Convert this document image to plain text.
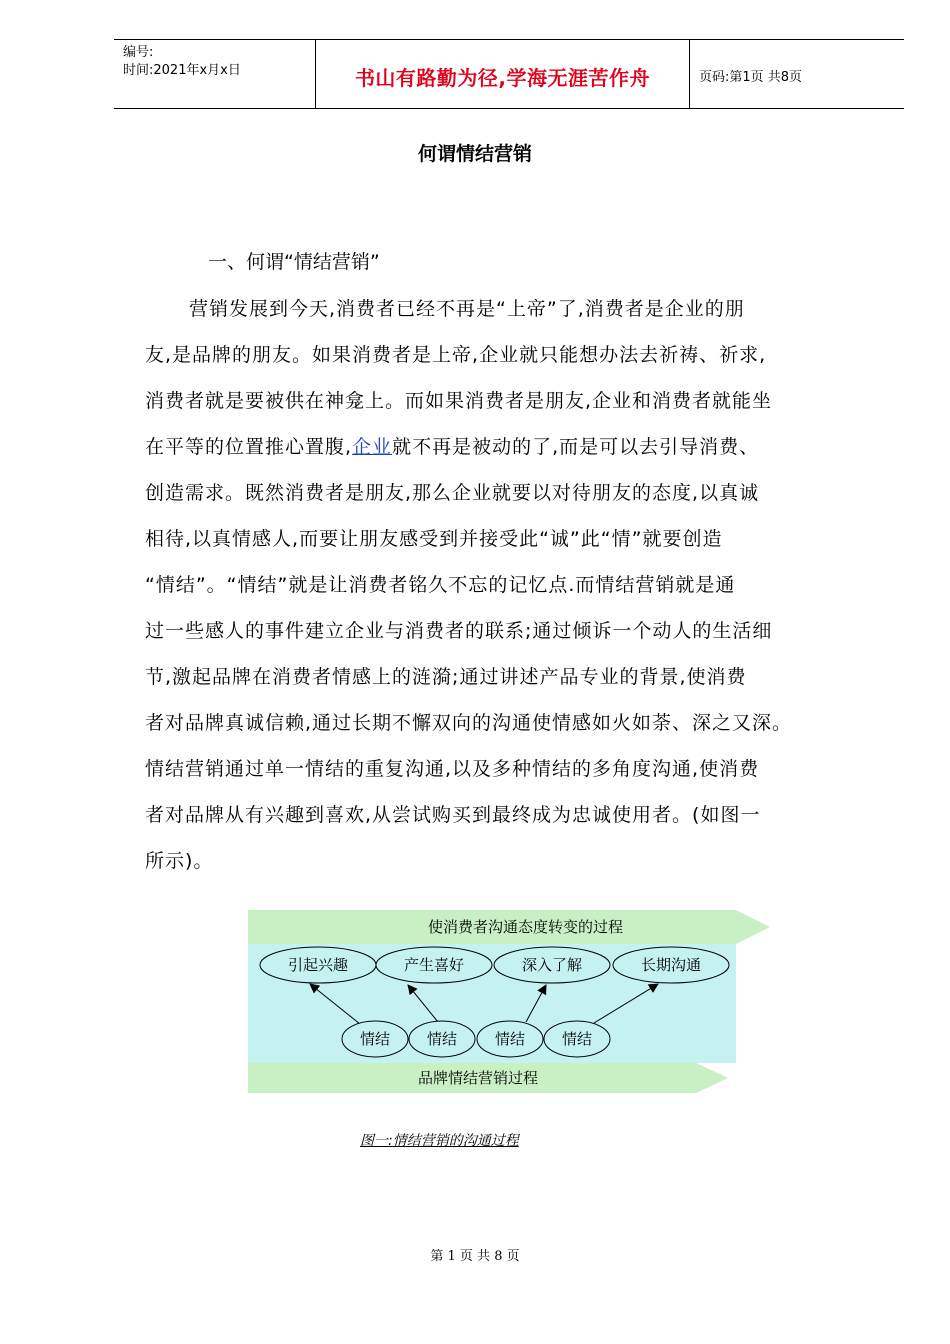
编号:
时间:2021年x月x日	书山有路勤为径,学海无涯苦作舟	页码:第1页 共8页
何谓情结营销
一、何谓“情结营销”
营销发展到今天,消费者已经不再是“上帝”了,消费者是企业的朋
友,是品牌的朋友。如果消费者是上帝,企业就只能想办法去祈祷、祈求,
消费者就是要被供在神龛上。而如果消费者是朋友,企业和消费者就能坐
在平等的位置推心置腹,企业就不再是被动的了,而是可以去引导消费、
创造需求。既然消费者是朋友,那么企业就要以对待朋友的态度,以真诚
相待,以真情感人,而要让朋友感受到并接受此“诚”此“情”就要创造
“情结”。“情结”就是让消费者铭久不忘的记忆点.而情结营销就是通
过一些感人的事件建立企业与消费者的联系;通过倾诉一个动人的生活细
节,激起品牌在消费者情感上的涟漪;通过讲述产品专业的背景,使消费
者对品牌真诚信赖,通过长期不懈双向的沟通使情感如火如荼、深之又深。
情结营销通过单一情结的重复沟通,以及多种情结的多角度沟通,使消费
者对品牌从有兴趣到喜欢,从尝试购买到最终成为忠诚使用者。(如图一
所示)。
使消费者沟通态度转变的过程
品牌情结营销过程
引起兴趣	产生喜好	深入了解	长期沟通
情结 情结	情结 情结
图一:情结营销的沟通过程
第 1 页 共 8 页
